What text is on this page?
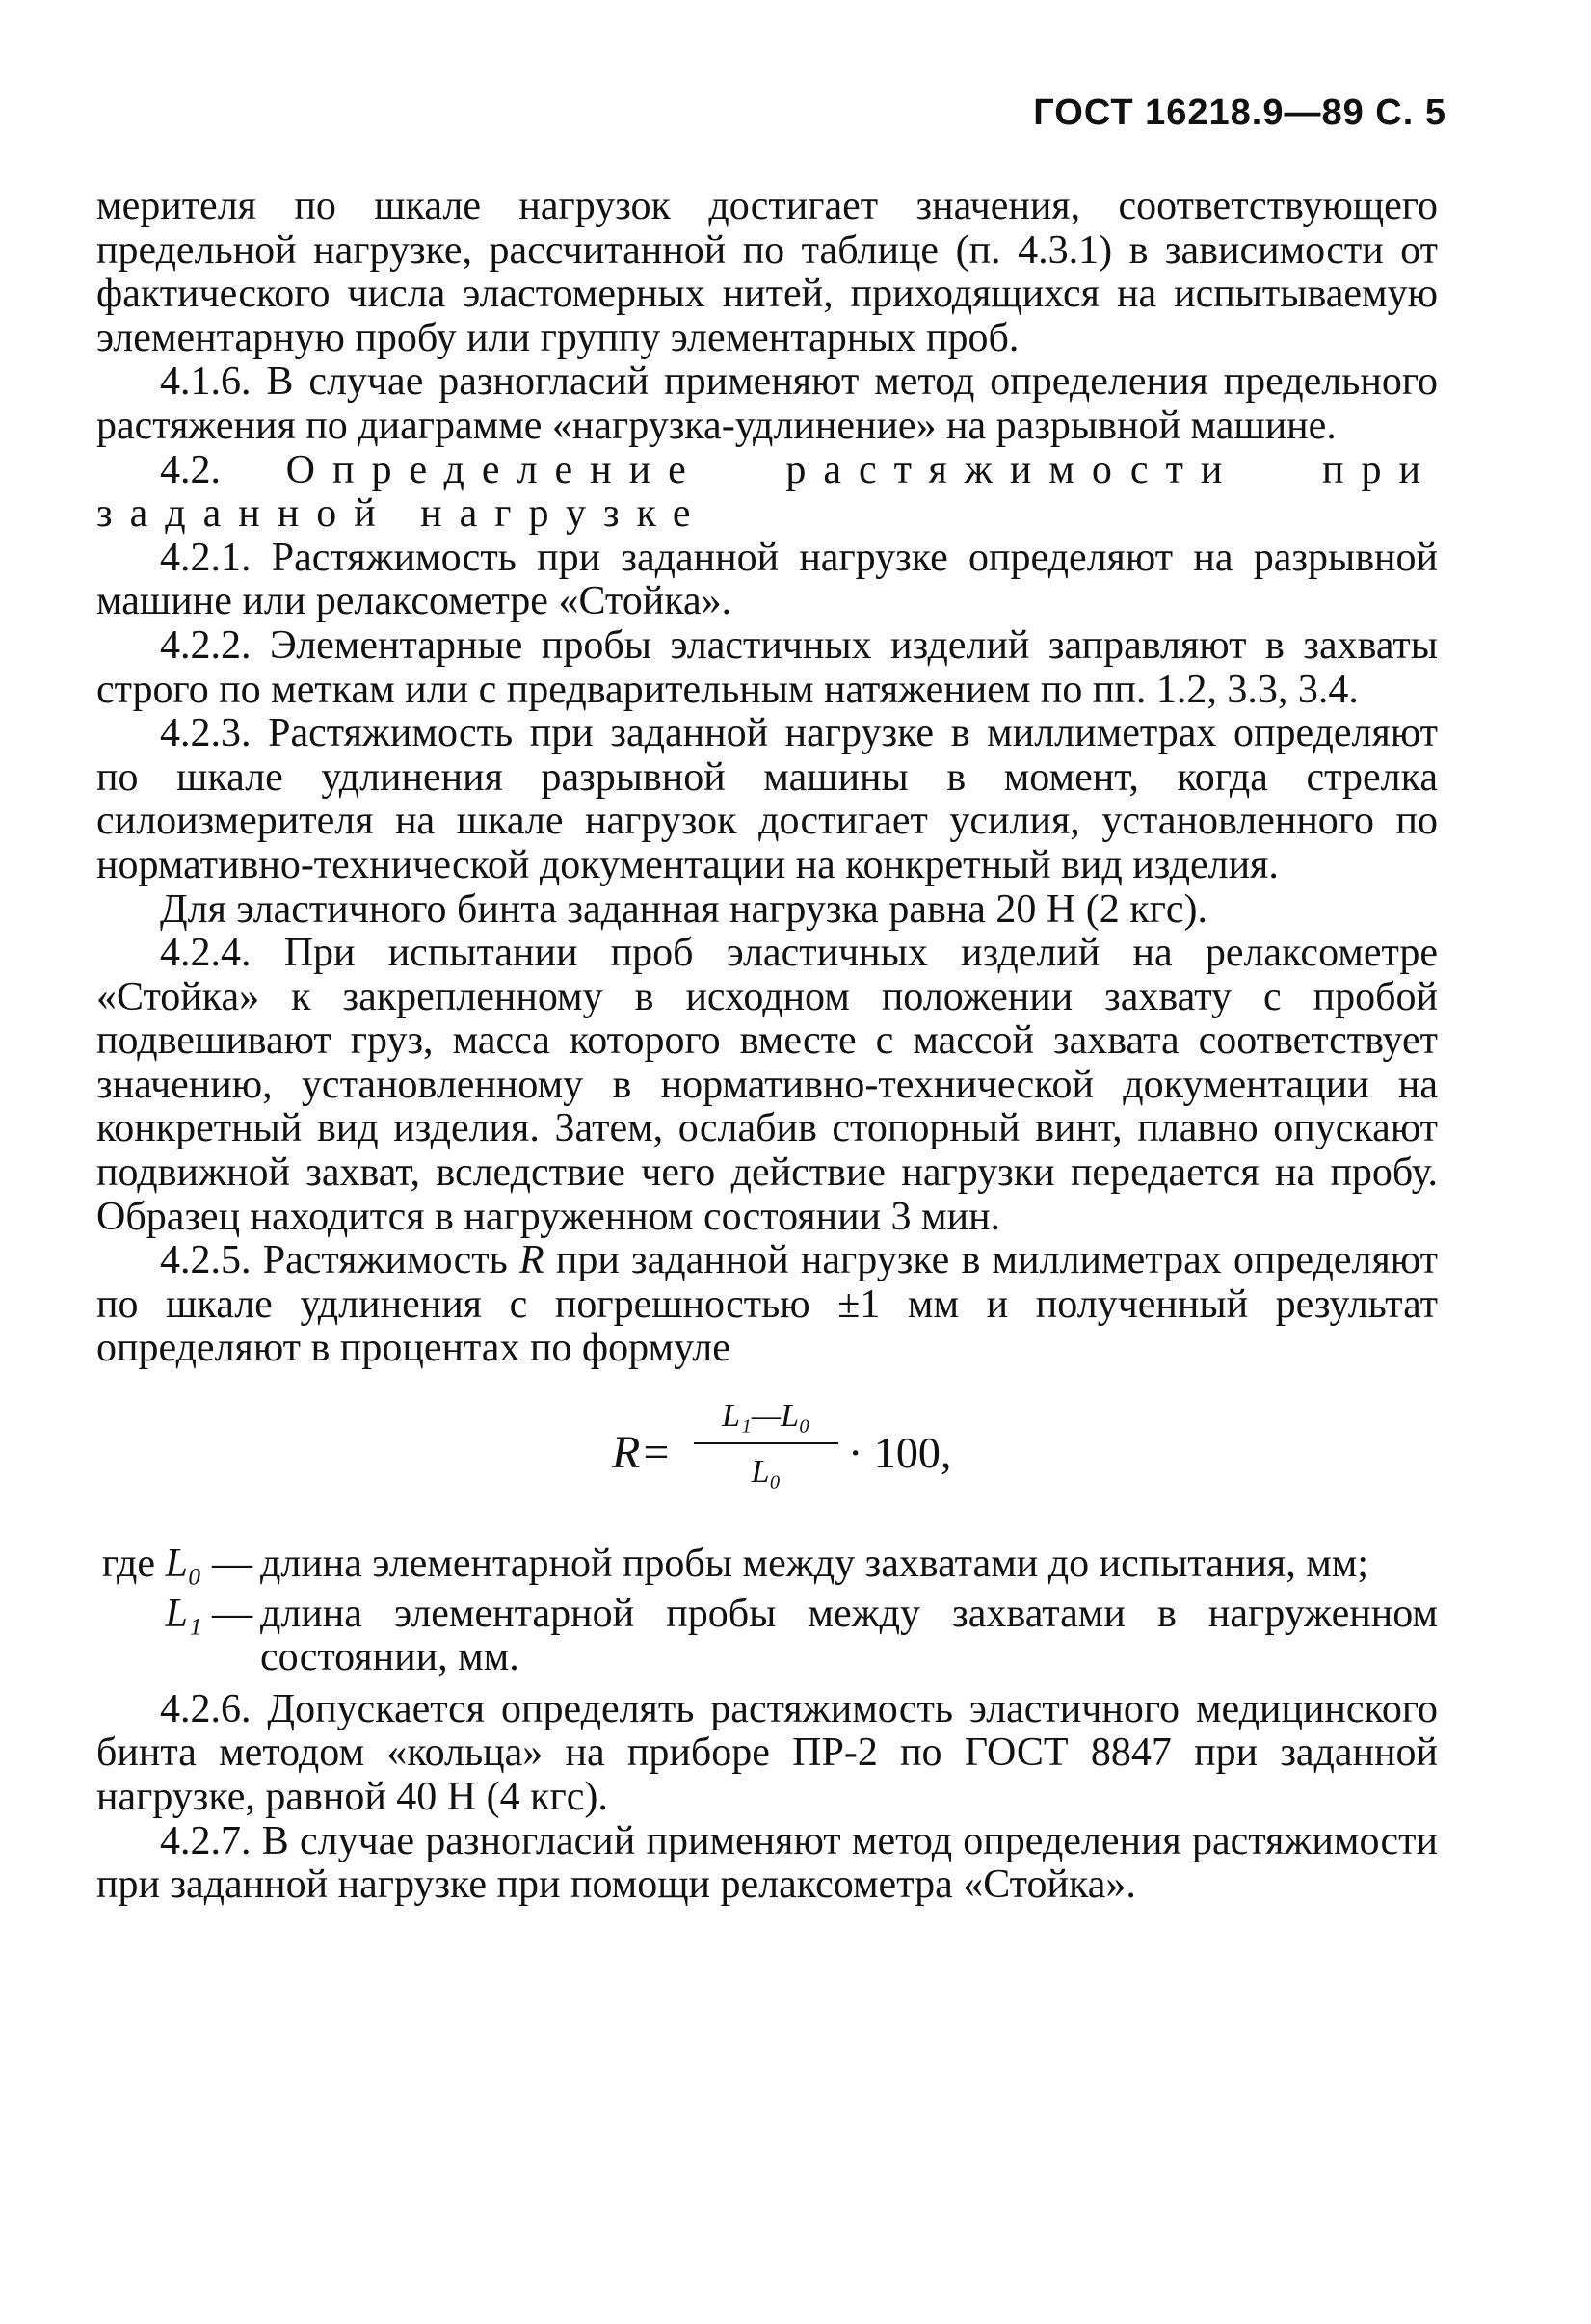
ГОСТ 16218.9—89 С. 5

мерителя по шкале нагрузок достигает значения, соответствующего предельной нагрузке, рассчитанной по таблице (п. 4.3.1) в зависимости от фактического числа эластомерных нитей, приходящихся на испытываемую элементарную пробу или группу элементарных проб.

4.1.6. В случае разногласий применяют метод определения предельного растяжения по диаграмме «нагрузка-удлинение» на разрывной машине.

4.2. Определение растяжимости при заданной нагрузке

4.2.1. Растяжимость при заданной нагрузке определяют на разрывной машине или релаксометре «Стойка».

4.2.2. Элементарные пробы эластичных изделий заправляют в захваты строго по меткам или с предварительным натяжением по пп. 1.2, 3.3, 3.4.

4.2.3. Растяжимость при заданной нагрузке в миллиметрах определяют по шкале удлинения разрывной машины в момент, когда стрелка силоизмерителя на шкале нагрузок достигает усилия, установленного по нормативно-технической документации на конкретный вид изделия.

Для эластичного бинта заданная нагрузка равна 20 Н (2 кгс).

4.2.4. При испытании проб эластичных изделий на релаксометре «Стойка» к закрепленному в исходном положении захвату с пробой подвешивают груз, масса которого вместе с массой захвата соответствует значению, установленному в нормативно-технической документации на конкретный вид изделия. Затем, ослабив стопорный винт, плавно опускают подвижной захват, вследствие чего действие нагрузки передается на пробу. Образец находится в нагруженном состоянии 3 мин.

4.2.5. Растяжимость R при заданной нагрузке в миллиметрах определяют по шкале удлинения с погрешностью ±1 мм и полученный результат определяют в процентах по формуле

R=
L₁—L₀
L₀	· 100,
где L₀ — длина элементарной пробы между захватами до испытания, мм;
L₁ — длина элементарной пробы между захватами в нагруженном состоянии, мм.

4.2.6. Допускается определять растяжимость эластичного медицинского бинта методом «кольца» на приборе ПР-2 по ГОСТ 8847 при заданной нагрузке, равной 40 Н (4 кгс).

4.2.7. В случае разногласий применяют метод определения растяжимости при заданной нагрузке при помощи релаксометра «Стойка».
